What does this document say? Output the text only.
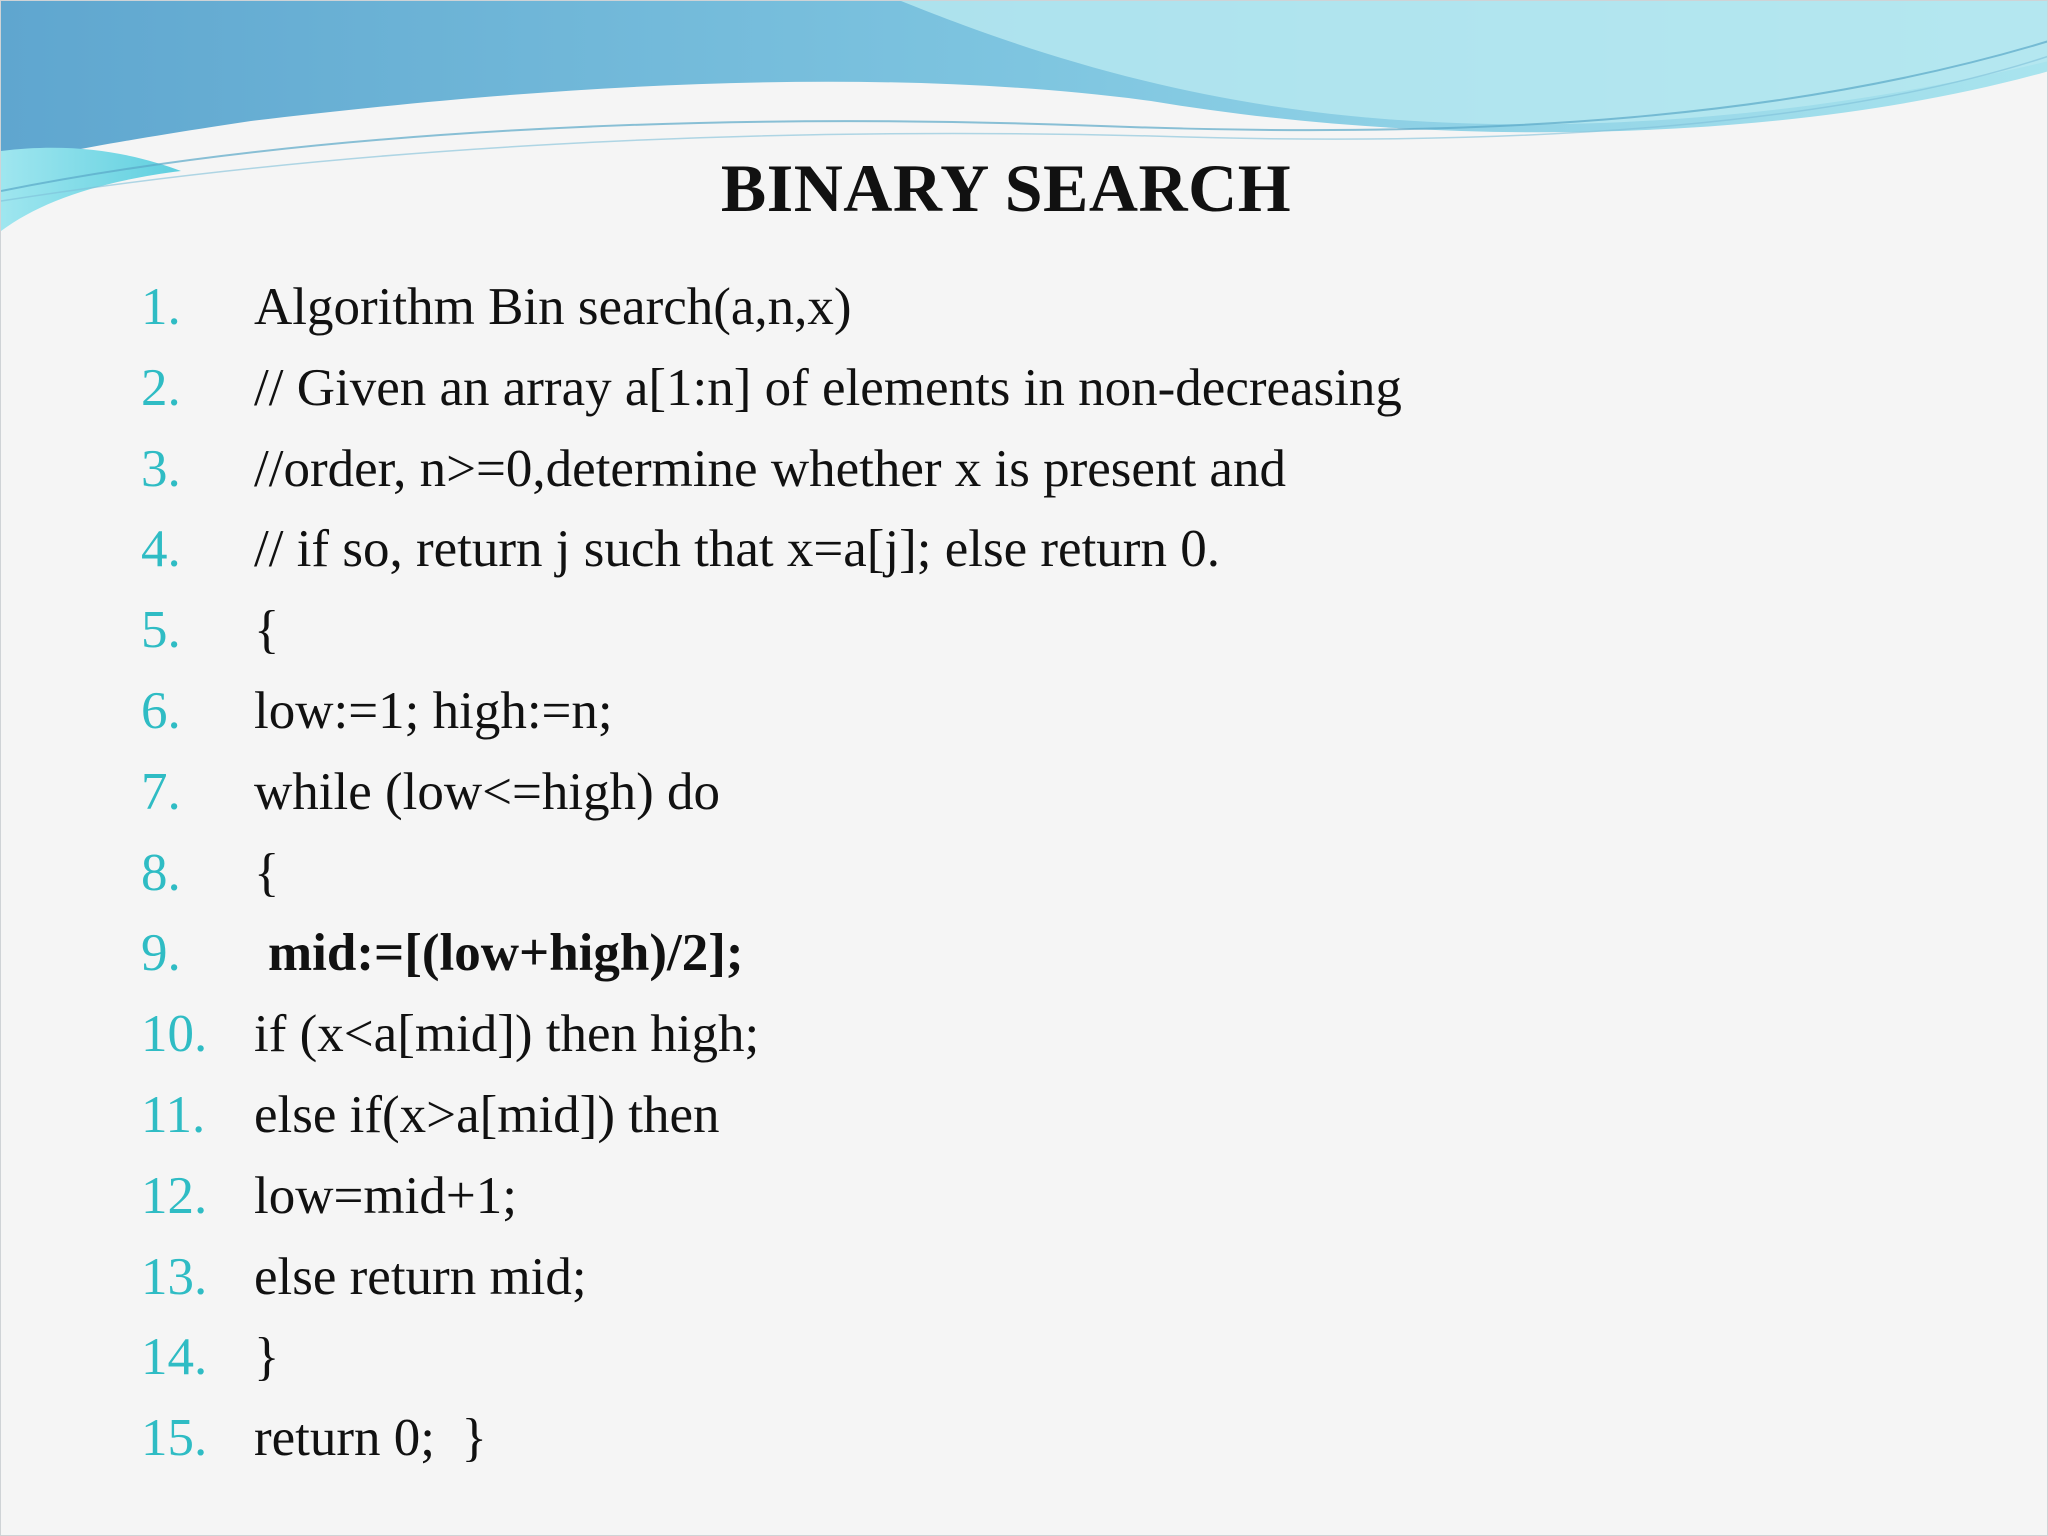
BINARY SEARCH

1.

Algorithm Bin search(a,n,x)

2.

// Given an array a[1:n] of elements in non-decreasing

3.

//order, n>=0,determine whether x is present and

4.

// if so, return j such that x=a[j]; else return 0.

5.

{

6.

low:=1; high:=n;

7.

while (low<=high) do

8.

{

9.

mid:=[(low+high)/2];

10.

if (x<a[mid]) then high;

11.

else if(x>a[mid]) then

12.

low=mid+1;

13.

else return mid;

14.

}

15.

return 0;  }
